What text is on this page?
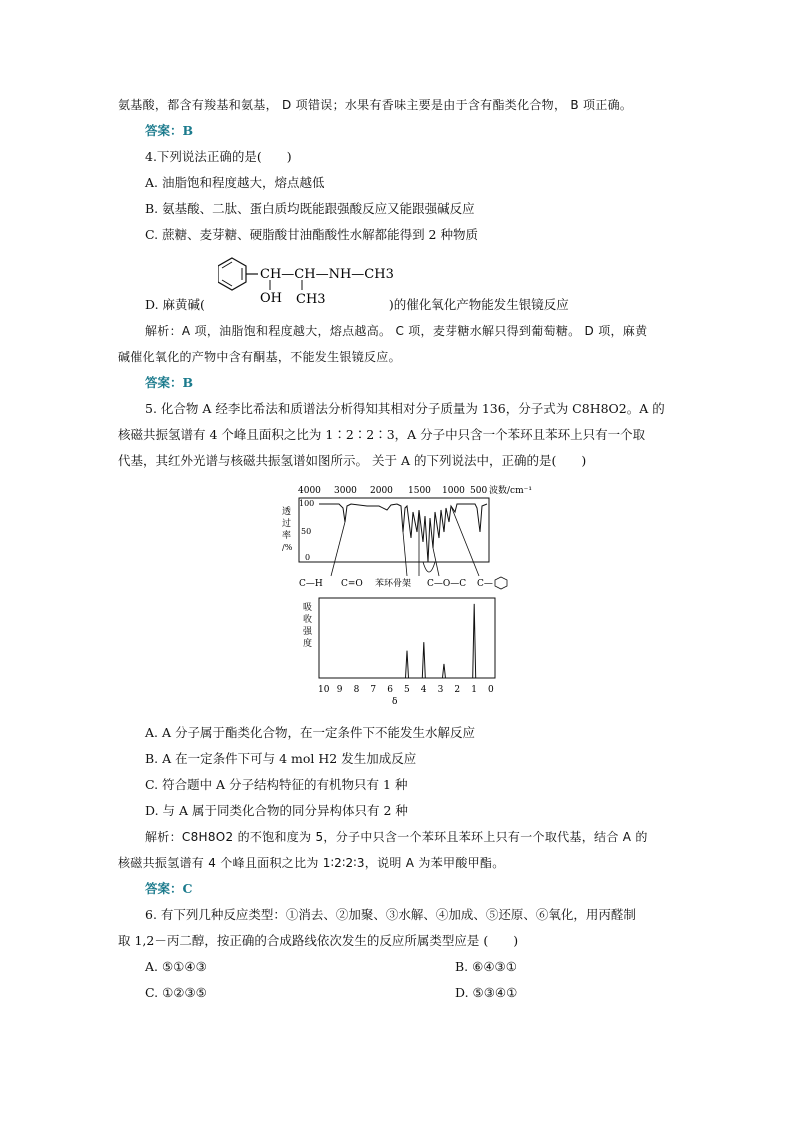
氨基酸，都含有羧基和氨基， D 项错误；水果有香味主要是由于含有酯类化合物， B 项正确。
答案：B
4.下列说法正确的是(　　)
A. 油脂饱和程度越大，熔点越低
B. 氨基酸、二肽、蛋白质均既能跟强酸反应又能跟强碱反应
C. 蔗糖、麦芽糖、硬脂酸甘油酯酸性水解都能得到 2 种物质
CH—CH—NH—CH3
OH CH3
D. 麻黄碱(	)的催化氧化产物能发生银镜反应
解析：A 项，油脂饱和程度越大，熔点越高。 C 项，麦芽糖水解只得到葡萄糖。 D 项，麻黄
碱催化氧化的产物中含有酮基，不能发生银镜反应。
答案：B
5. 化合物 A 经李比希法和质谱法分析得知其相对分子质量为 136，分子式为 C8H8O2。A 的
核磁共振氢谱有 4 个峰且面积之比为 1∶2∶2∶3，A 分子中只含一个苯环且苯环上只有一个取
代基，其红外光谱与核磁共振氢谱如图所示。 关于 A 的下列说法中，正确的是(　　)
4000 3000 2000 1500 1000 500 波数/cm⁻¹
透
过
率
/%
100
50
0
C—H C=O 苯环骨架 C—O—C C—
吸
收
强
度
10 9 8 7 6 5 4 3 2 1 0
δ
A. A 分子属于酯类化合物，在一定条件下不能发生水解反应
B. A 在一定条件下可与 4 mol H2 发生加成反应
C. 符合题中 A 分子结构特征的有机物只有 1 种
D. 与 A 属于同类化合物的同分异构体只有 2 种
解析：C8H8O2 的不饱和度为 5，分子中只含一个苯环且苯环上只有一个取代基，结合 A 的
核磁共振氢谱有 4 个峰且面积之比为 1∶2∶2∶3，说明 A 为苯甲酸甲酯。
答案：C
6. 有下列几种反应类型：①消去、②加聚、③水解、④加成、⑤还原、⑥氧化，用丙醛制
取 1,2－丙二醇，按正确的合成路线依次发生的反应所属类型应是 (　　)
A. ⑤①④③	B. ⑥④③①
C. ①②③⑤	D. ⑤③④①
